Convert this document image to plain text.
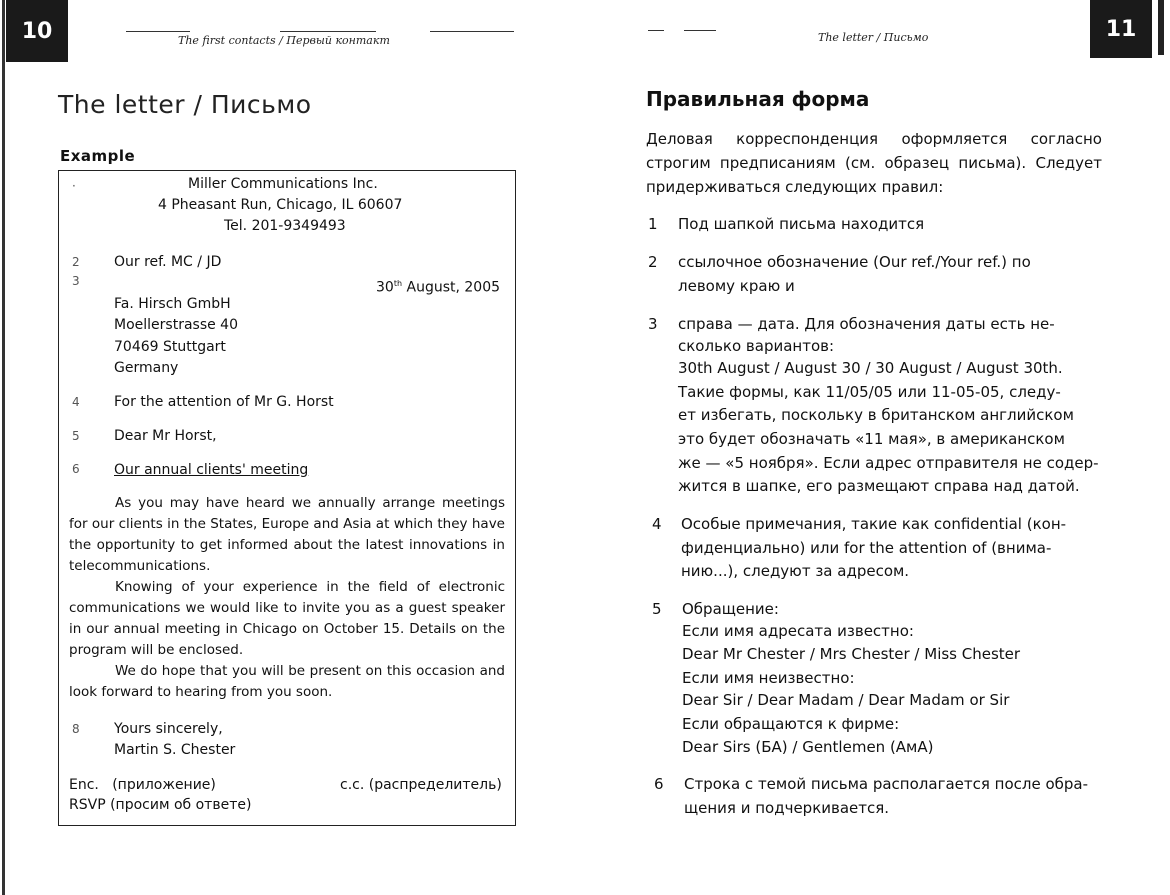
10	The first contacts / Первый контакт
The letter / Письмо
Example
·	Miller Communications Inc.
4 Pheasant Run, Chicago, IL 60607
Tel. 201-9349493
2 Our ref. MC / JD
3	30th August, 2005
Fa. Hirsch GmbH
Moellerstrasse 40
70469 Stuttgart
Germany
4 For the attention of Mr G. Horst
5 Dear Mr Horst,
6 Our annual clients' meeting

As you may have heard we annually arrange meetings for our clients in the States, Europe and Asia at which they have the opportunity to get informed about the latest innovations in telecommunications.

Knowing of your experience in the field of electronic communications we would like to invite you as a guest speaker in our annual meeting in Chicago on October 15. Details on the program will be enclosed.

We do hope that you will be present on this occasion and look forward to hearing from you soon.

8 Yours sincerely,
Martin S. Chester
Enc.   (приложение)	c.c. (распределитель)
RSVP (просим об ответе)
The letter / Письмо	11
Правильная форма
Деловая корреспонденция оформляется согласно строгим предписаниям (см. образец письма). Следует придерживаться следующих правил:
1 Под шапкой письма находится
2 ссылочное обозначение (Our ref./Your ref.) по
левому краю и
3 справа — дата. Для обозначения даты есть не-
сколько вариантов:
30th August / August 30 / 30 August / August 30th.
Такие формы, как 11/05/05 или 11-05-05, следу-
ет избегать, поскольку в британском английском
это будет обозначать «11 мая», в американском
же — «5 ноября». Если адрес отправителя не содер-
жится в шапке, его размещают справа над датой.
4 Особые примечания, такие как confidential (кон-
фиденциально) или for the attention of (внима-
нию...), следуют за адресом.
5 Обращение:
Если имя адресата известно:
Dear Mr Chester / Mrs Chester / Miss Chester
Если имя неизвестно:
Dear Sir / Dear Madam / Dear Madam or Sir
Если обращаются к фирме:
Dear Sirs (БА) / Gentlemen (АмА)
6 Строка с темой письма располагается после обра-
щения и подчеркивается.
